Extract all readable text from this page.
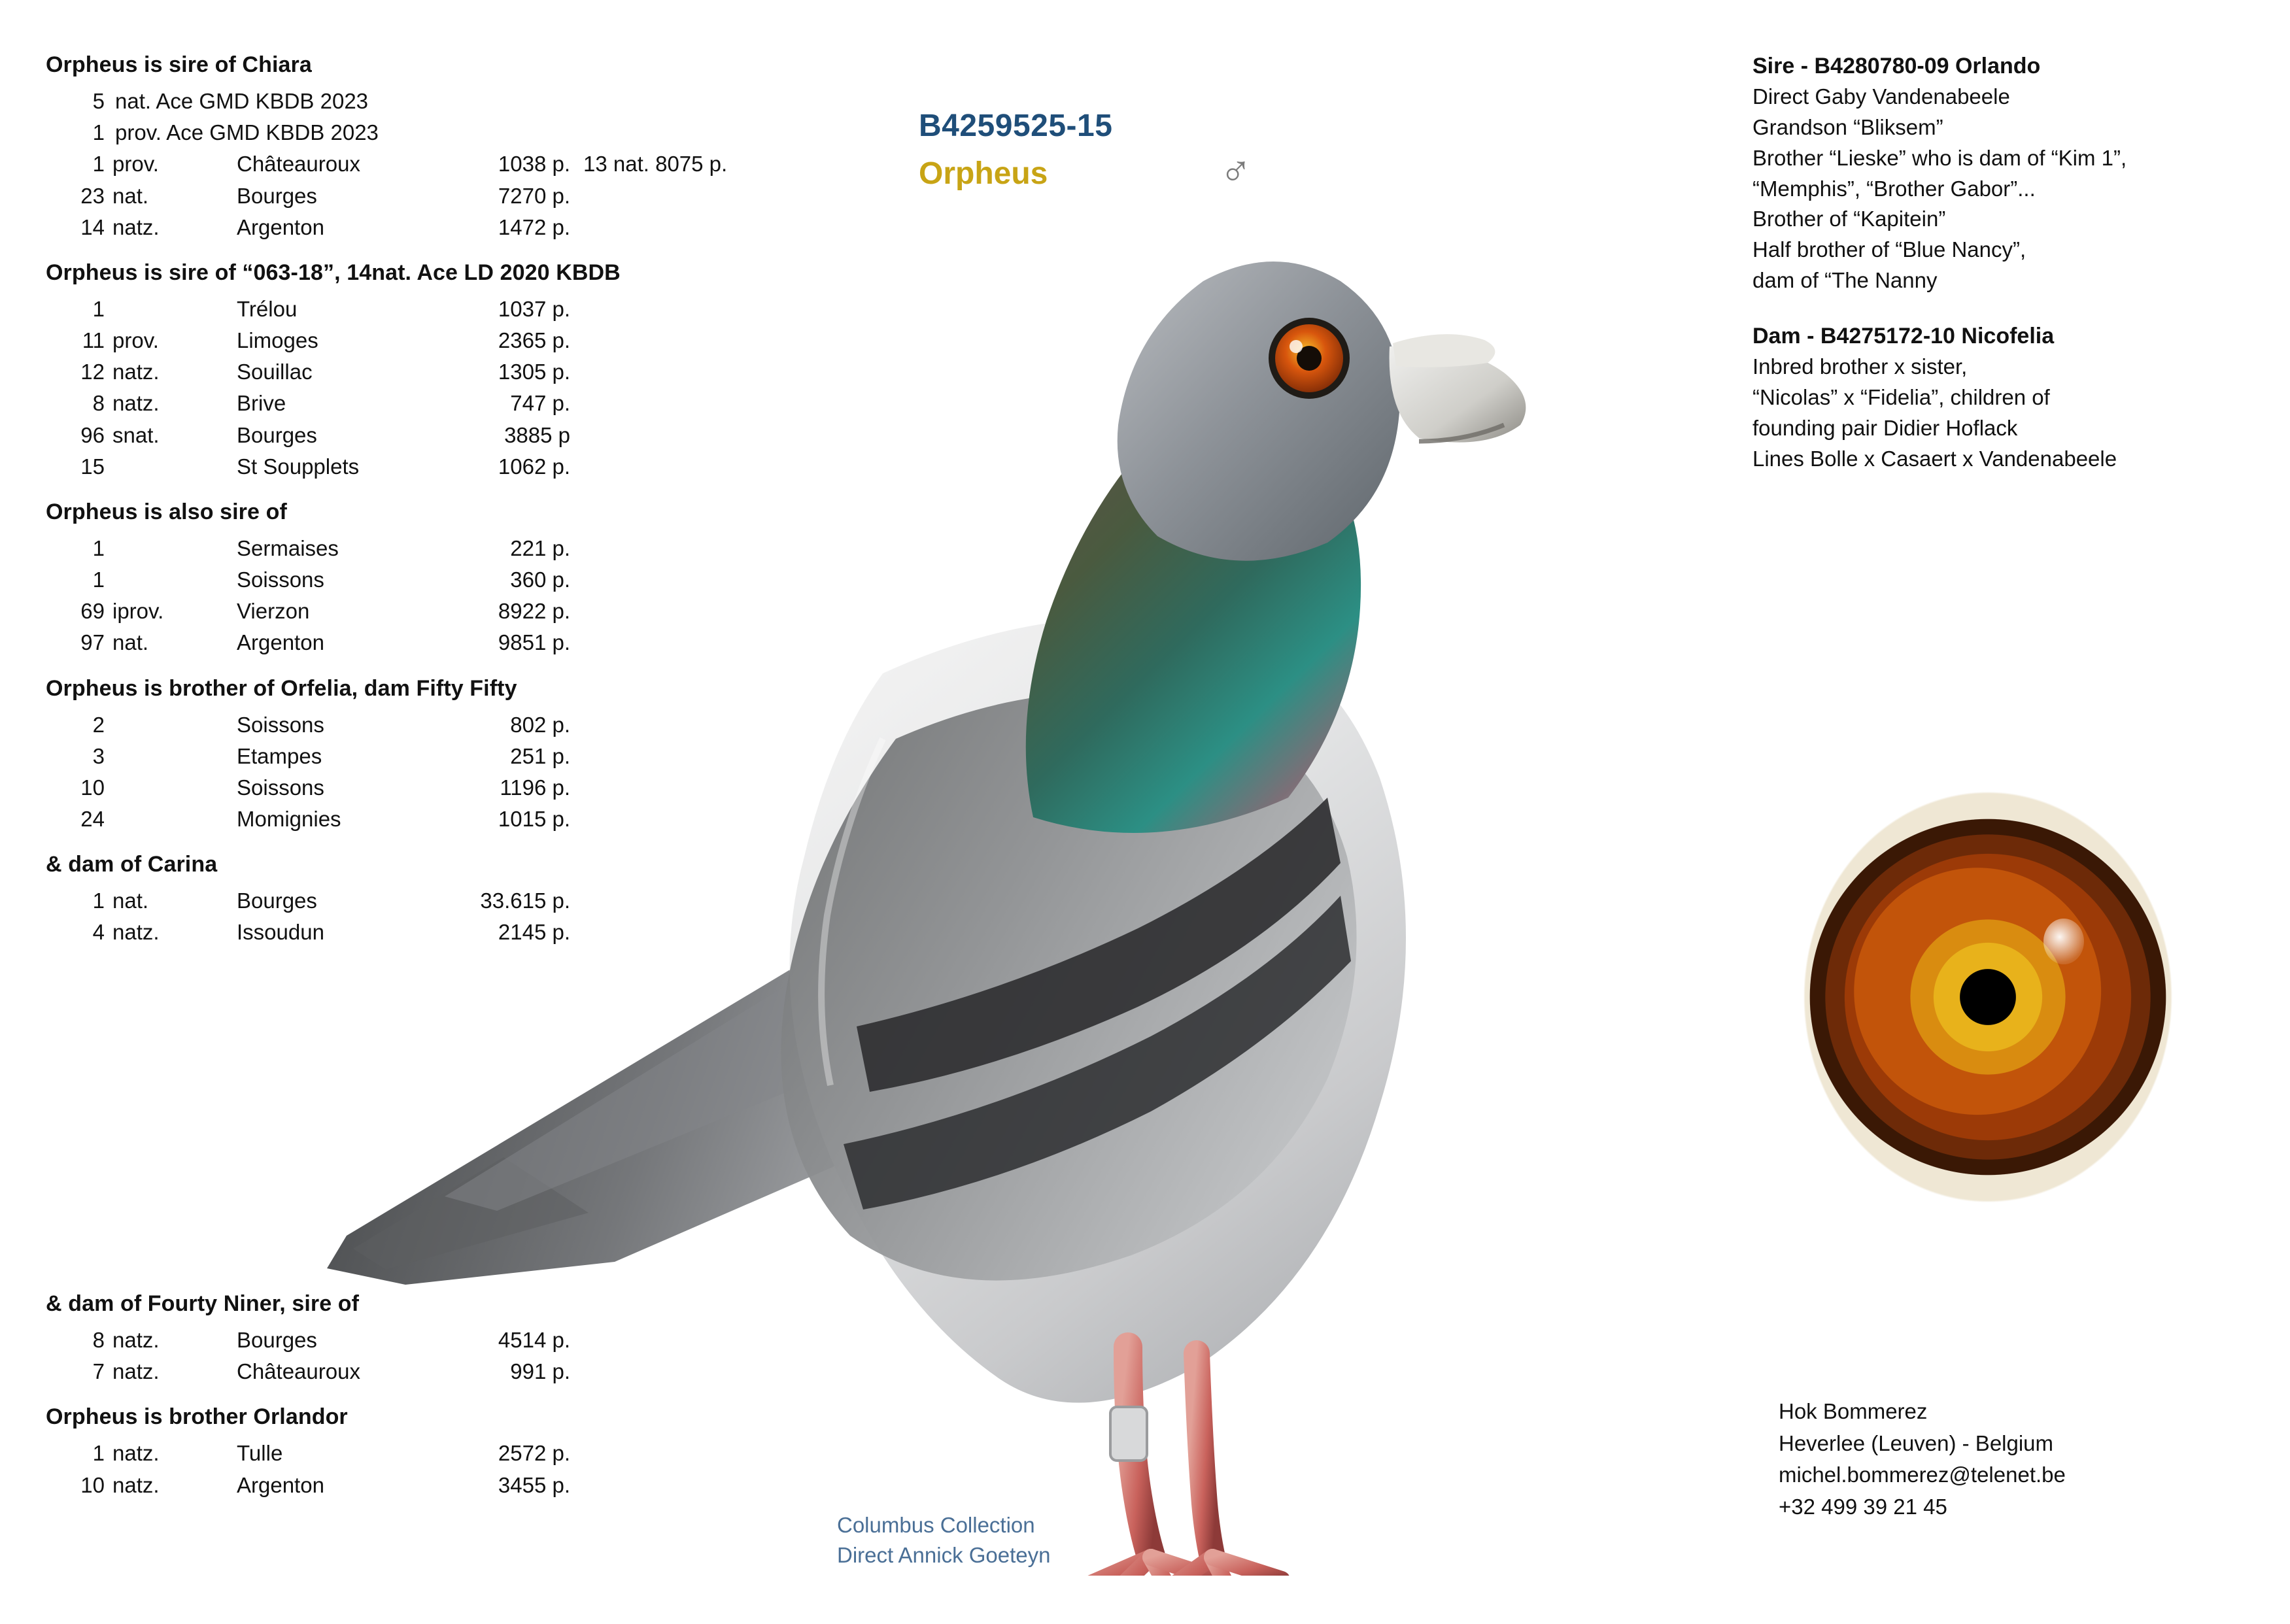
B4259525-15
Orpheus	♂
Orpheus is sire of Chiara
5 nat. Ace GMD KBDB 2023
1 prov. Ace GMD KBDB 2023
1 prov.	Châteauroux	1038 p. 13 nat. 8075 p.
23 nat.	Bourges	7270 p.
14 natz.	Argenton	1472 p.
Orpheus is sire of “063-18”, 14nat. Ace LD 2020 KBDB
1	Trélou	1037 p.
11 prov.	Limoges	2365 p.
12 natz.	Souillac	1305 p.
8 natz.	Brive	747 p.
96 snat.	Bourges	3885 p
15	St Soupplets	1062 p.
Orpheus is also sire of
1	Sermaises	221 p.
1	Soissons	360 p.
69 iprov.	Vierzon	8922 p.
97 nat.	Argenton	9851 p.
Orpheus is brother of Orfelia, dam Fifty Fifty
2	Soissons	802 p.
3	Etampes	251 p.
10	Soissons	1196 p.
24	Momignies	1015 p.
& dam of Carina
1 nat.	Bourges	33.615 p.
4 natz.	Issoudun	2145 p.
& dam of Fourty Niner, sire of
8 natz.	Bourges	4514 p.
7 natz.	Châteauroux	991 p.
Orpheus is brother Orlandor
1 natz.	Tulle	2572 p.
10 natz.	Argenton	3455 p.
Sire - B4280780-09 Orlando
Direct Gaby Vandenabeele
Grandson “Bliksem”
Brother “Lieske” who is dam of “Kim 1”,
“Memphis”, “Brother Gabor”...
Brother of “Kapitein”
Half brother of “Blue Nancy”,
dam of “The Nanny
Dam - B4275172-10 Nicofelia
Inbred brother x sister,
“Nicolas” x “Fidelia”, children of
founding pair Didier Hoflack
Lines Bolle x Casaert x Vandenabeele
Hok Bommerez
Heverlee (Leuven) - Belgium
michel.bommerez@telenet.be
+32 499 39 21 45
Columbus Collection
Direct Annick Goeteyn
